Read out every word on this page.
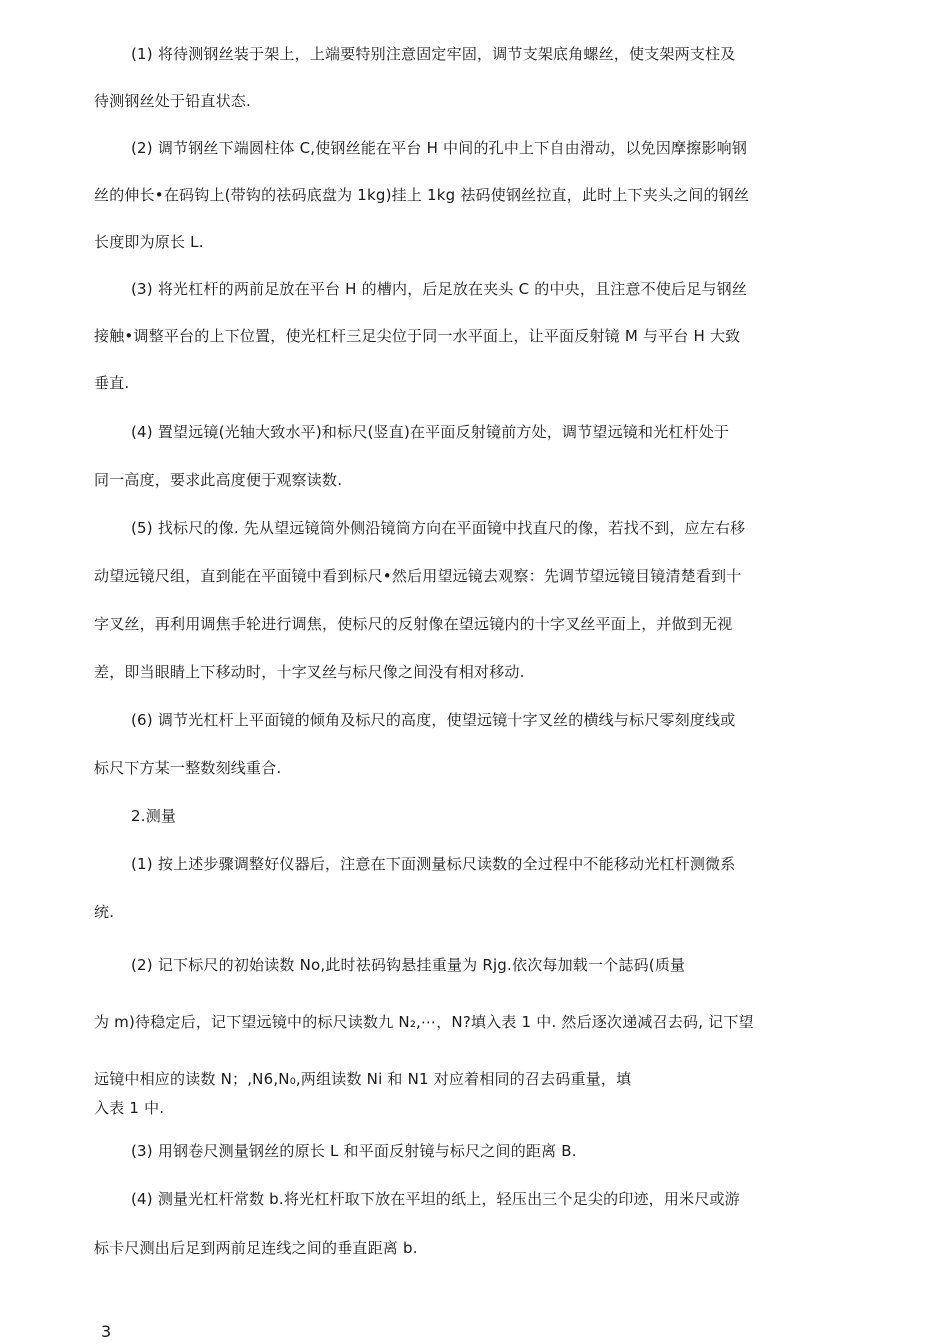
(1) 将待测钢丝装于架上，上端要特别注意固定牢固，调节支架底角螺丝，使支架两支柱及
待测钢丝处于铅直状态.
(2) 调节钢丝下端圆柱体 C,使钢丝能在平台 H 中间的孔中上下自由滑动，以免因摩擦影响钢
丝的伸长•在码钩上(带钩的祛码底盘为 1kg)挂上 1kg 祛码使钢丝拉直，此时上下夹头之间的钢丝
长度即为原长 L.
(3) 将光杠杆的两前足放在平台 H 的槽内，后足放在夹头 C 的中央，且注意不使后足与钢丝
接触•调整平台的上下位置，使光杠杆三足尖位于同一水平面上，让平面反射镜 M 与平台 H 大致
垂直.
(4) 置望远镜(光轴大致水平)和标尺(竖直)在平面反射镜前方处，调节望远镜和光杠杆处于
同一高度，要求此高度便于观察读数.
(5) 找标尺的像. 先从望远镜筒外侧沿镜筒方向在平面镜中找直尺的像，若找不到，应左右移
动望远镜尺组，直到能在平面镜中看到标尺•然后用望远镜去观察：先调节望远镜目镜清楚看到十
字叉丝，再利用调焦手轮进行调焦，使标尺的反射像在望远镜内的十字叉丝平面上，并做到无视
差，即当眼睛上下移动时，十字叉丝与标尺像之间没有相对移动.
(6) 调节光杠杆上平面镜的倾角及标尺的高度，使望远镜十字叉丝的横线与标尺零刻度线或
标尺下方某一整数刻线重合.
2.测量
(1) 按上述步骤调整好仪器后，注意在下面测量标尺读数的全过程中不能移动光杠杆测微系
统.
(2) 记下标尺的初始读数 No,此时祛码钩悬挂重量为 Rjg.依次每加载一个誌码(质量
为 m)待稳定后，记下望远镜中的标尺读数九 N₂,⋯，N?填入表 1 中. 然后逐次递减召去码, 记下望
远镜中相应的读数 N；,N6,N₀,两组读数 Ni 和 N1 对应着相同的召去码重量，填
入表 1 中.
(3) 用钢卷尺测量钢丝的原长 L 和平面反射镜与标尺之间的距离 B.
(4) 测量光杠杆常数 b.将光杠杆取下放在平坦的纸上，轻压出三个足尖的印迹，用米尺或游
标卡尺测出后足到两前足连线之间的垂直距离 b.
3
